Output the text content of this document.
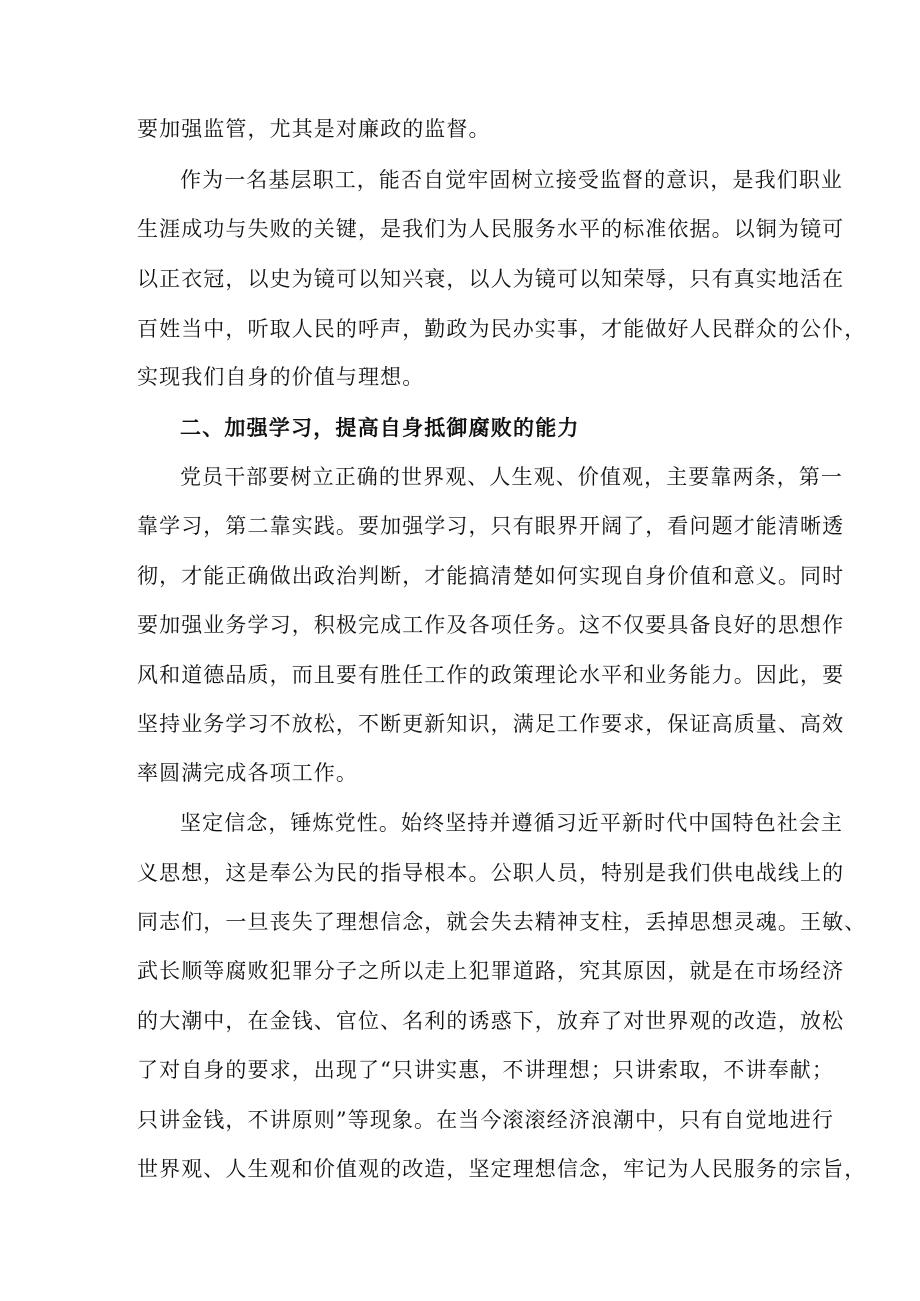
要加强监管，尤其是对廉政的监督。
作为一名基层职工，能否自觉牢固树立接受监督的意识，是我们职业
生涯成功与失败的关键，是我们为人民服务水平的标准依据。以铜为镜可
以正衣冠，以史为镜可以知兴衰，以人为镜可以知荣辱，只有真实地活在
百姓当中，听取人民的呼声，勤政为民办实事，才能做好人民群众的公仆，
实现我们自身的价值与理想。
二、加强学习，提高自身抵御腐败的能力
党员干部要树立正确的世界观、人生观、价值观，主要靠两条，第一
靠学习，第二靠实践。要加强学习，只有眼界开阔了，看问题才能清晰透
彻，才能正确做出政治判断，才能搞清楚如何实现自身价值和意义。同时
要加强业务学习，积极完成工作及各项任务。这不仅要具备良好的思想作
风和道德品质，而且要有胜任工作的政策理论水平和业务能力。因此，要
坚持业务学习不放松，不断更新知识，满足工作要求，保证高质量、高效
率圆满完成各项工作。
坚定信念，锤炼党性。始终坚持并遵循习近平新时代中国特色社会主
义思想，这是奉公为民的指导根本。公职人员，特别是我们供电战线上的
同志们，一旦丧失了理想信念，就会失去精神支柱，丢掉思想灵魂。王敏、
武长顺等腐败犯罪分子之所以走上犯罪道路，究其原因，就是在市场经济
的大潮中，在金钱、官位、名利的诱惑下，放弃了对世界观的改造，放松
了对自身的要求，出现了“只讲实惠，不讲理想；只讲索取，不讲奉献；
只讲金钱，不讲原则”等现象。在当今滚滚经济浪潮中，只有自觉地进行
世界观、人生观和价值观的改造，坚定理想信念，牢记为人民服务的宗旨，
